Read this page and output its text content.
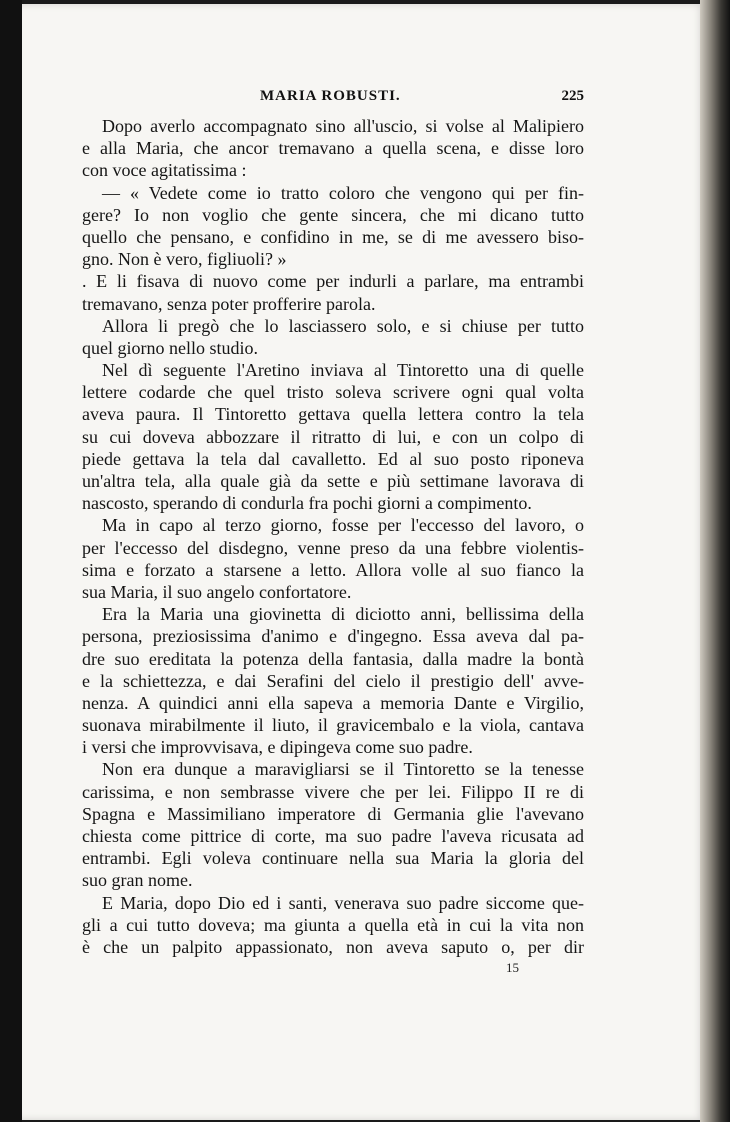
MARIA ROBUSTI.	225
Dopo averlo accompagnato sino all'uscio, si volse al Malipiero
e alla Maria, che ancor tremavano a quella scena, e disse loro
con voce agitatissima :
— « Vedete come io tratto coloro che vengono qui per fin-
gere? Io non voglio che gente sincera, che mi dicano tutto
quello che pensano, e confidino in me, se di me avessero biso-
gno. Non è vero, figliuoli? »
. E li fisava di nuovo come per indurli a parlare, ma entrambi
tremavano, senza poter profferire parola.
Allora li pregò che lo lasciassero solo, e si chiuse per tutto
quel giorno nello studio.
Nel dì seguente l'Aretino inviava al Tintoretto una di quelle
lettere codarde che quel tristo soleva scrivere ogni qual volta
aveva paura. Il Tintoretto gettava quella lettera contro la tela
su cui doveva abbozzare il ritratto di lui, e con un colpo di
piede gettava la tela dal cavalletto. Ed al suo posto riponeva
un'altra tela, alla quale già da sette e più settimane lavorava di
nascosto, sperando di condurla fra pochi giorni a compimento.
Ma in capo al terzo giorno, fosse per l'eccesso del lavoro, o
per l'eccesso del disdegno, venne preso da una febbre violentis-
sima e forzato a starsene a letto. Allora volle al suo fianco la
sua Maria, il suo angelo confortatore.
Era la Maria una giovinetta di diciotto anni, bellissima della
persona, preziosissima d'animo e d'ingegno. Essa aveva dal pa-
dre suo ereditata la potenza della fantasia, dalla madre la bontà
e la schiettezza, e dai Serafini del cielo il prestigio dell' avve-
nenza. A quindici anni ella sapeva a memoria Dante e Virgilio,
suonava mirabilmente il liuto, il gravicembalo e la viola, cantava
i versi che improvvisava, e dipingeva come suo padre.
Non era dunque a maravigliarsi se il Tintoretto se la tenesse
carissima, e non sembrasse vivere che per lei. Filippo II re di
Spagna e Massimiliano imperatore di Germania glie l'avevano
chiesta come pittrice di corte, ma suo padre l'aveva ricusata ad
entrambi. Egli voleva continuare nella sua Maria la gloria del
suo gran nome.
E Maria, dopo Dio ed i santi, venerava suo padre siccome que-
gli a cui tutto doveva; ma giunta a quella età in cui la vita non
è che un palpito appassionato, non aveva saputo o, per dir
15
